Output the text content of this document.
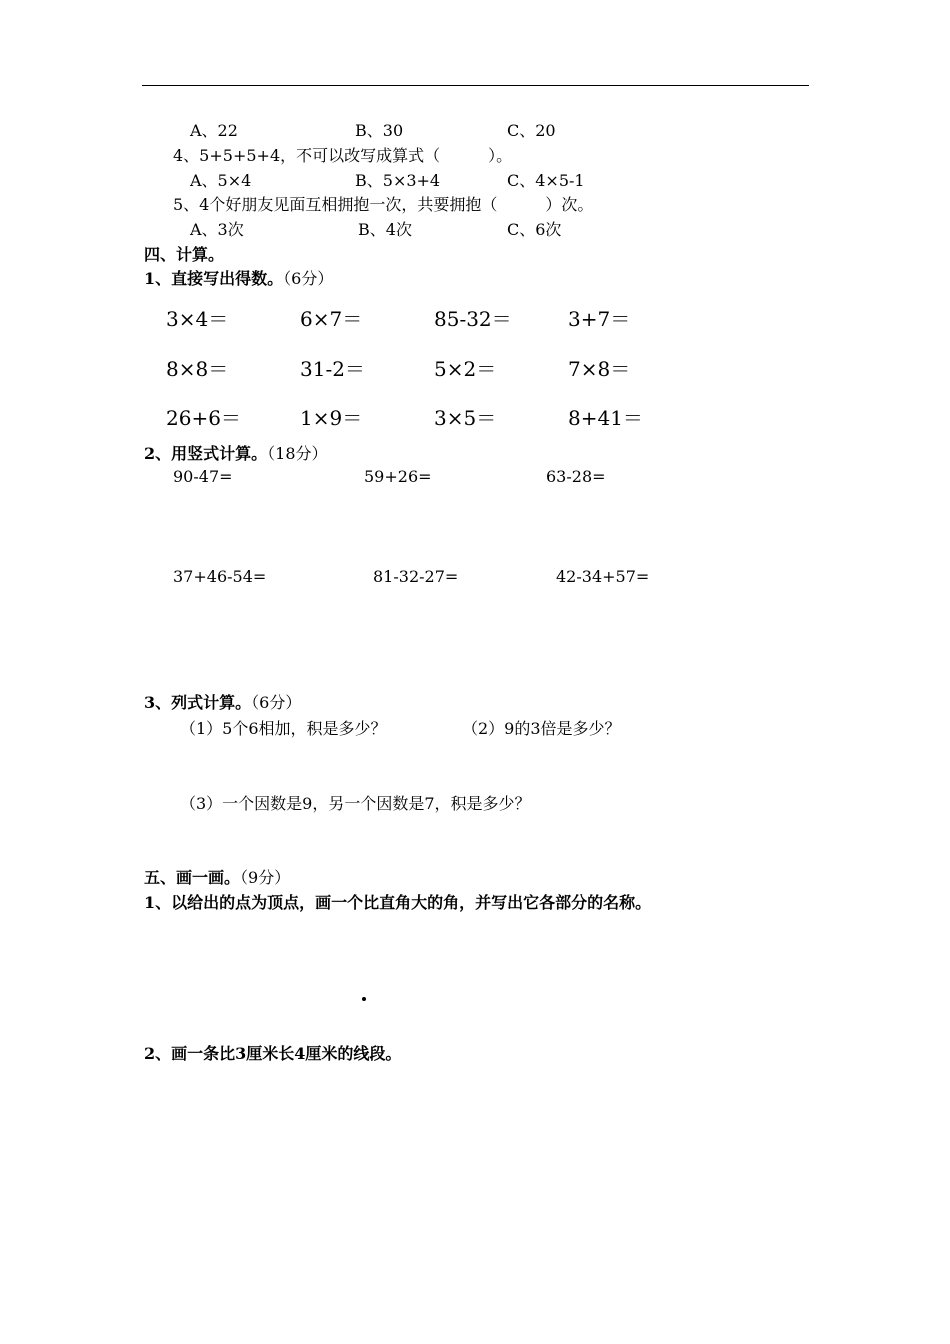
A、22	B、30	C、20
4、5+5+5+4，不可以改写成算式（　　　）。
A、5×4	B、5×3+4	C、4×5-1
5、4个好朋友见面互相拥抱一次，共要拥抱（　　　）次。
A、3次	B、4次	C、6次
四、计算。
1、直接写出得数。（6分）
3×4＝	6×7＝	85-32＝	3+7＝
8×8＝	31-2＝	5×2＝	7×8＝
26+6＝	1×9＝	3×5＝	8+41＝
2、用竖式计算。（18分）
90-47=	59+26=	63-28=
37+46-54=	81-32-27=	42-34+57=
3、列式计算。（6分）
（1）5个6相加，积是多少？	（2）9的3倍是多少？
（3）一个因数是9，另一个因数是7，积是多少？
五、画一画。（9分）
1、以给出的点为顶点，画一个比直角大的角，并写出它各部分的名称。
2、画一条比3厘米长4厘米的线段。
